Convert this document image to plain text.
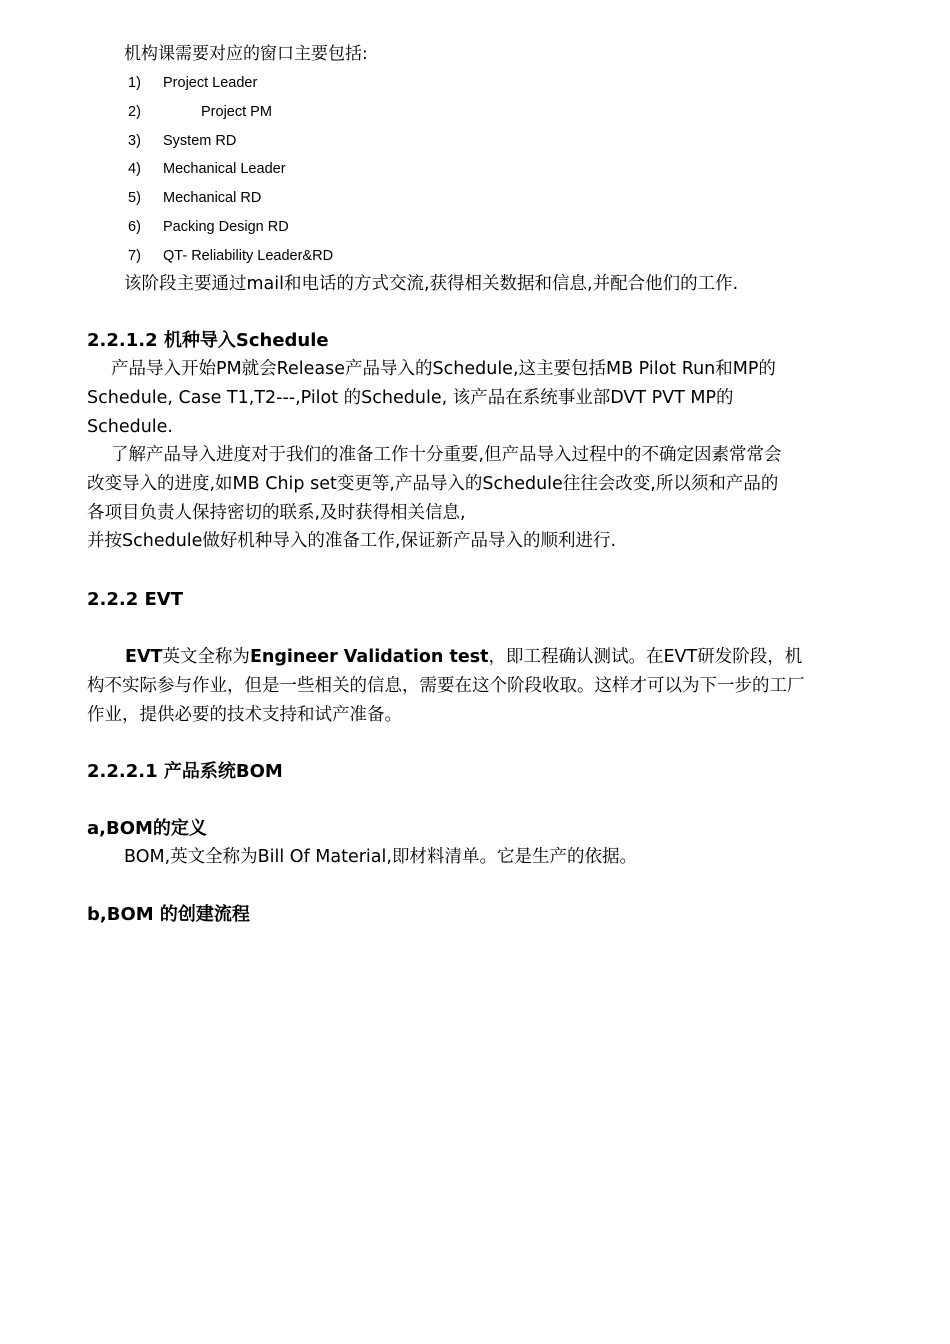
机构课需要对应的窗口主要包括:
1) Project Leader
2)	Project PM
3) System RD
4) Mechanical Leader
5) Mechanical RD
6) Packing Design RD
7) QT- Reliability Leader&RD
该阶段主要通过mail和电话的方式交流,获得相关数据和信息,并配合他们的工作.
2.2.1.2 机种导入Schedule
产品导入开始PM就会Release产品导入的Schedule,这主要包括MB Pilot Run和MP的
Schedule, Case T1,T2---,Pilot 的Schedule, 该产品在系统事业部DVT PVT MP的
Schedule.
了解产品导入进度对于我们的准备工作十分重要,但产品导入过程中的不确定因素常常会
改变导入的进度,如MB Chip set变更等,产品导入的Schedule往往会改变,所以须和产品的
各项目负责人保持密切的联系,及时获得相关信息,
并按Schedule做好机种导入的准备工作,保证新产品导入的顺利进行.
2.2.2 EVT
EVT英文全称为Engineer Validation test，即工程确认测试。在EVT研发阶段，机
构不实际参与作业，但是一些相关的信息，需要在这个阶段收取。这样才可以为下一步的工厂
作业，提供必要的技术支持和试产准备。
2.2.2.1 产品系统BOM
a,BOM的定义
BOM,英文全称为Bill Of Material,即材料清单。它是生产的依据。
b,BOM 的创建流程
